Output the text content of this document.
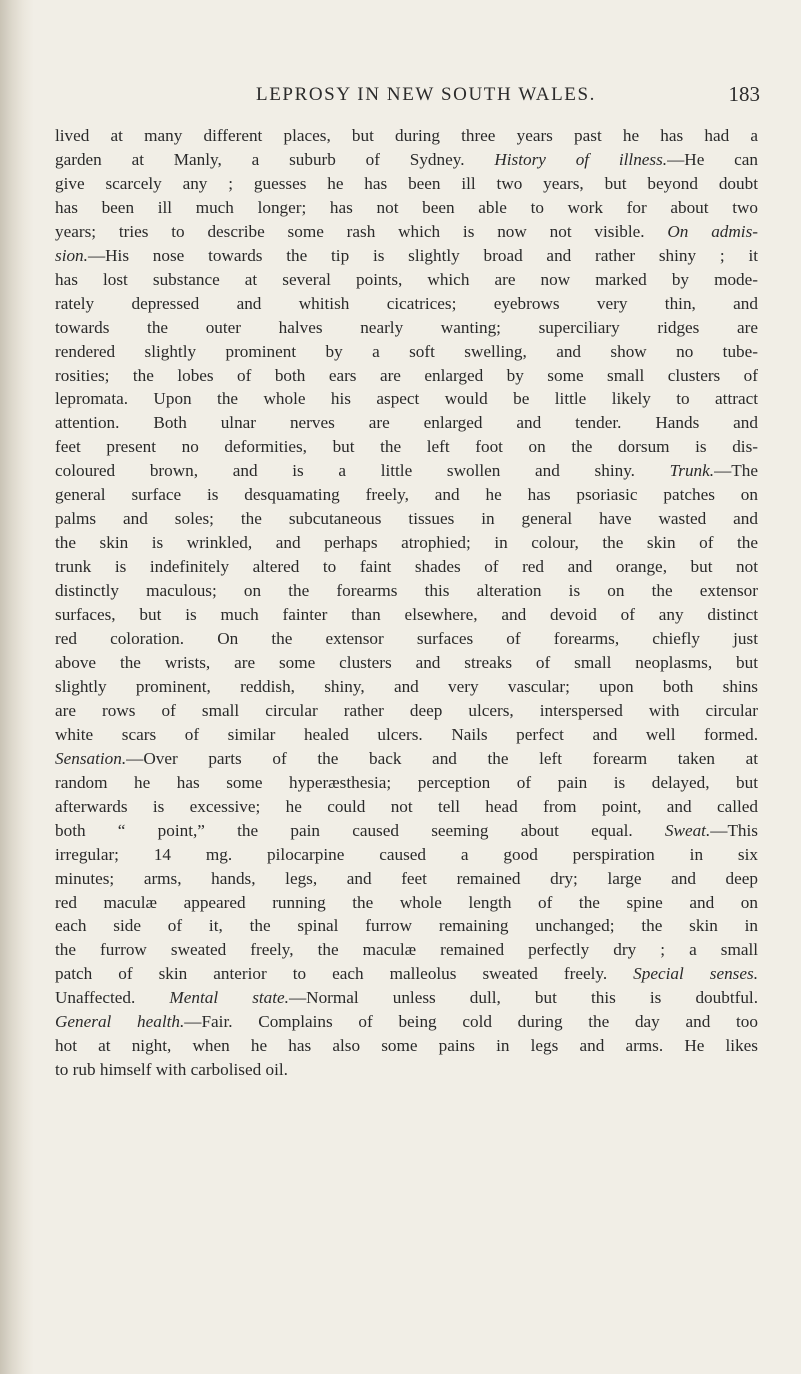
LEPROSY IN NEW SOUTH WALES.	183
lived at many different places, but during three years past he has had a
garden at Manly, a suburb of Sydney. History of illness.—He can
give scarcely any ; guesses he has been ill two years, but beyond doubt
has been ill much longer; has not been able to work for about two
years; tries to describe some rash which is now not visible. On admis-
sion.—His nose towards the tip is slightly broad and rather shiny ; it
has lost substance at several points, which are now marked by mode-
rately depressed and whitish cicatrices; eyebrows very thin, and
towards the outer halves nearly wanting; superciliary ridges are
rendered slightly prominent by a soft swelling, and show no tube-
rosities; the lobes of both ears are enlarged by some small clusters of
lepromata. Upon the whole his aspect would be little likely to attract
attention. Both ulnar nerves are enlarged and tender. Hands and
feet present no deformities, but the left foot on the dorsum is dis-
coloured brown, and is a little swollen and shiny. Trunk.—The
general surface is desquamating freely, and he has psoriasic patches on
palms and soles; the subcutaneous tissues in general have wasted and
the skin is wrinkled, and perhaps atrophied; in colour, the skin of the
trunk is indefinitely altered to faint shades of red and orange, but not
distinctly maculous; on the forearms this alteration is on the extensor
surfaces, but is much fainter than elsewhere, and devoid of any distinct
red coloration. On the extensor surfaces of forearms, chiefly just
above the wrists, are some clusters and streaks of small neoplasms, but
slightly prominent, reddish, shiny, and very vascular; upon both shins
are rows of small circular rather deep ulcers, interspersed with circular
white scars of similar healed ulcers. Nails perfect and well formed.
Sensation.—Over parts of the back and the left forearm taken at
random he has some hyperæsthesia; perception of pain is delayed, but
afterwards is excessive; he could not tell head from point, and called
both “ point,” the pain caused seeming about equal. Sweat.—This
irregular; 14 mg. pilocarpine caused a good perspiration in six
minutes; arms, hands, legs, and feet remained dry; large and deep
red maculæ appeared running the whole length of the spine and on
each side of it, the spinal furrow remaining unchanged; the skin in
the furrow sweated freely, the maculæ remained perfectly dry ; a small
patch of skin anterior to each malleolus sweated freely. Special senses.
Unaffected. Mental state.—Normal unless dull, but this is doubtful.
General health.—Fair. Complains of being cold during the day and too
hot at night, when he has also some pains in legs and arms. He likes
to rub himself with carbolised oil.
